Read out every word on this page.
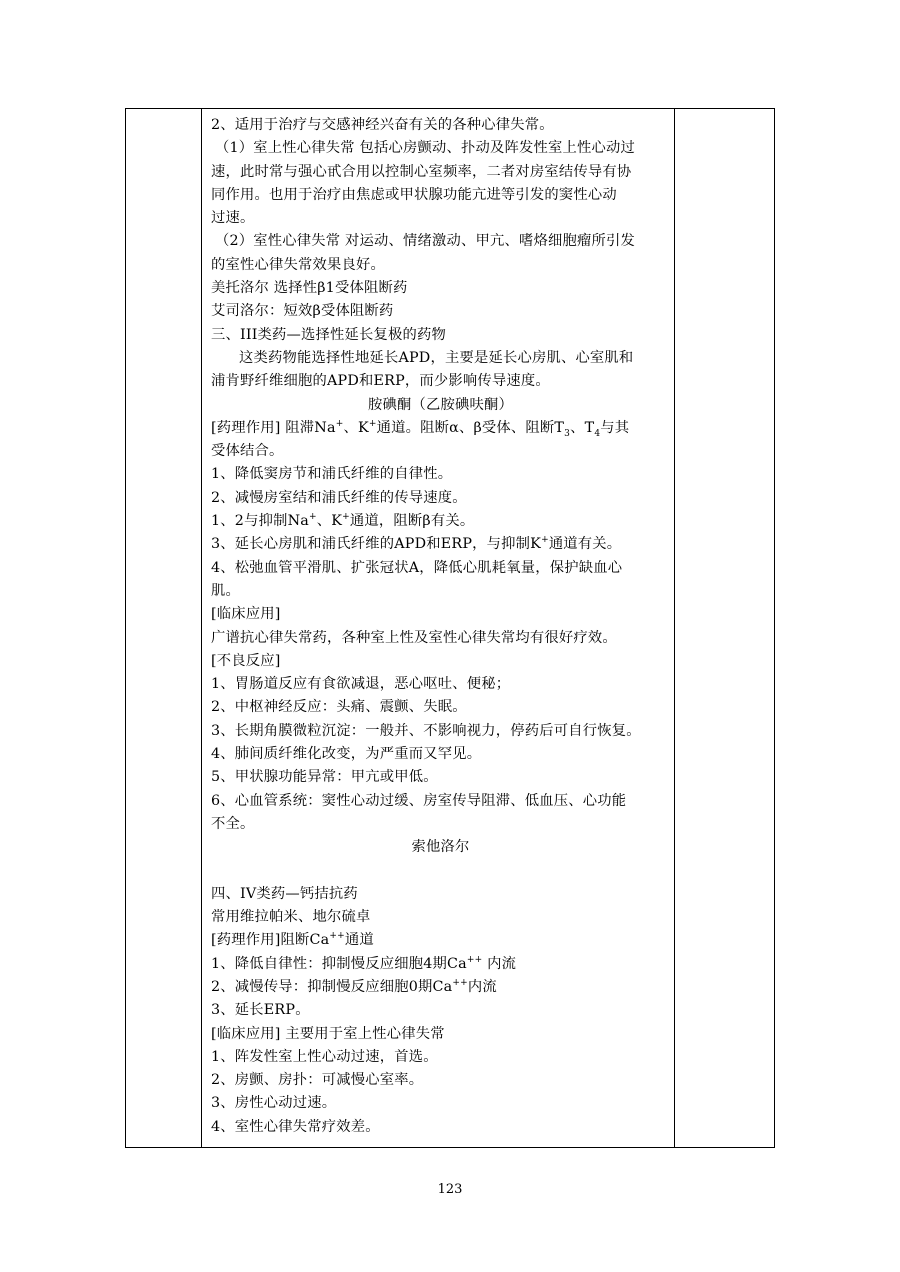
2、适用于治疗与交感神经兴奋有关的各种心律失常。
（1）室上性心律失常 包括心房颤动、扑动及阵发性室上性心动过
速，此时常与强心甙合用以控制心室频率，二者对房室结传导有协
同作用。也用于治疗由焦虑或甲状腺功能亢进等引发的窦性心动
过速。
（2）室性心律失常 对运动、情绪激动、甲亢、嗜烙细胞瘤所引发
的室性心律失常效果良好。
美托洛尔 选择性β1受体阻断药
艾司洛尔：短效β受体阻断药
三、III类药—选择性延长复极的药物
这类药物能选择性地延长APD，主要是延长心房肌、心室肌和
浦肯野纤维细胞的APD和ERP，而少影响传导速度。
胺碘酮（乙胺碘呋酮）
[药理作用] 阻滞Na+、K+通道。阻断α、β受体、阻断$T_3$、$T_4$与其
受体结合。
1、降低窦房节和浦氏纤维的自律性。
2、减慢房室结和浦氏纤维的传导速度。
1、2与抑制Na+、K+通道，阻断β有关。
3、延长心房肌和浦氏纤维的APD和ERP，与抑制K+通道有关。
4、松弛血管平滑肌、扩张冠状A，降低心肌耗氧量，保护缺血心
肌。
[临床应用]
广谱抗心律失常药，各种室上性及室性心律失常均有很好疗效。
[不良反应]
1、胃肠道反应有食欲减退，恶心呕吐、便秘；
2、中枢神经反应：头痛、震颤、失眠。
3、长期角膜微粒沉淀：一般并、不影响视力，停药后可自行恢复。
4、肺间质纤维化改变，为严重而又罕见。
5、甲状腺功能异常：甲亢或甲低。
6、心血管系统：窦性心动过缓、房室传导阻滞、低血压、心功能
不全。
索他洛尔
四、IV类药—钙拮抗药
常用维拉帕米、地尔硫卓
[药理作用]阻断Ca++通道
1、降低自律性：抑制慢反应细胞4期Ca++ 内流
2、减慢传导：抑制慢反应细胞0期Ca++内流
3、延长ERP。
[临床应用] 主要用于室上性心律失常
1、阵发性室上性心动过速，首选。
2、房颤、房扑：可减慢心室率。
3、房性心动过速。
4、室性心律失常疗效差。
123
